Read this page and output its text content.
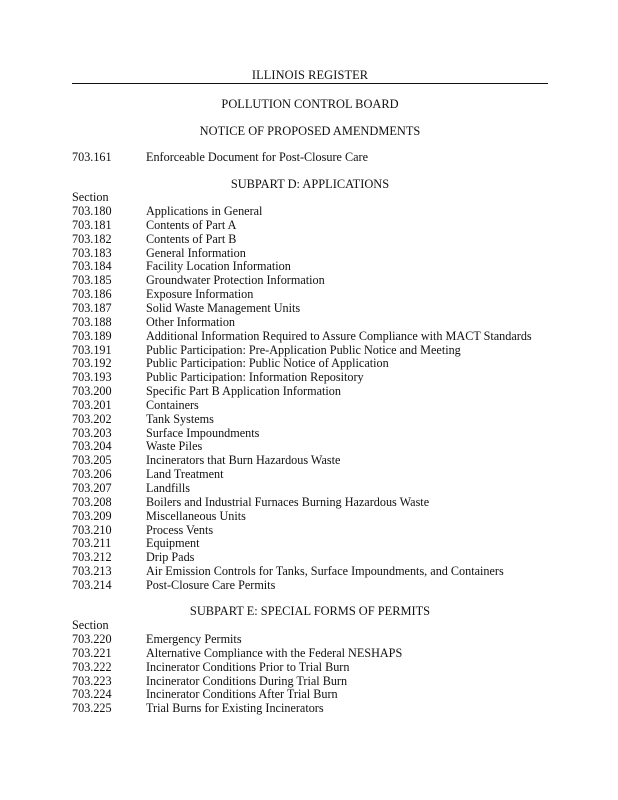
ILLINOIS REGISTER
POLLUTION CONTROL BOARD
NOTICE OF PROPOSED AMENDMENTS
703.161	Enforceable Document for Post-Closure Care
SUBPART D: APPLICATIONS
Section
703.180	Applications in General
703.181	Contents of Part A
703.182	Contents of Part B
703.183	General Information
703.184	Facility Location Information
703.185	Groundwater Protection Information
703.186	Exposure Information
703.187	Solid Waste Management Units
703.188	Other Information
703.189	Additional Information Required to Assure Compliance with MACT Standards
703.191	Public Participation: Pre-Application Public Notice and Meeting
703.192	Public Participation: Public Notice of Application
703.193	Public Participation: Information Repository
703.200	Specific Part B Application Information
703.201	Containers
703.202	Tank Systems
703.203	Surface Impoundments
703.204	Waste Piles
703.205	Incinerators that Burn Hazardous Waste
703.206	Land Treatment
703.207	Landfills
703.208	Boilers and Industrial Furnaces Burning Hazardous Waste
703.209	Miscellaneous Units
703.210	Process Vents
703.211	Equipment
703.212	Drip Pads
703.213	Air Emission Controls for Tanks, Surface Impoundments, and Containers
703.214	Post-Closure Care Permits
SUBPART E: SPECIAL FORMS OF PERMITS
Section
703.220	Emergency Permits
703.221	Alternative Compliance with the Federal NESHAPS
703.222	Incinerator Conditions Prior to Trial Burn
703.223	Incinerator Conditions During Trial Burn
703.224	Incinerator Conditions After Trial Burn
703.225	Trial Burns for Existing Incinerators
